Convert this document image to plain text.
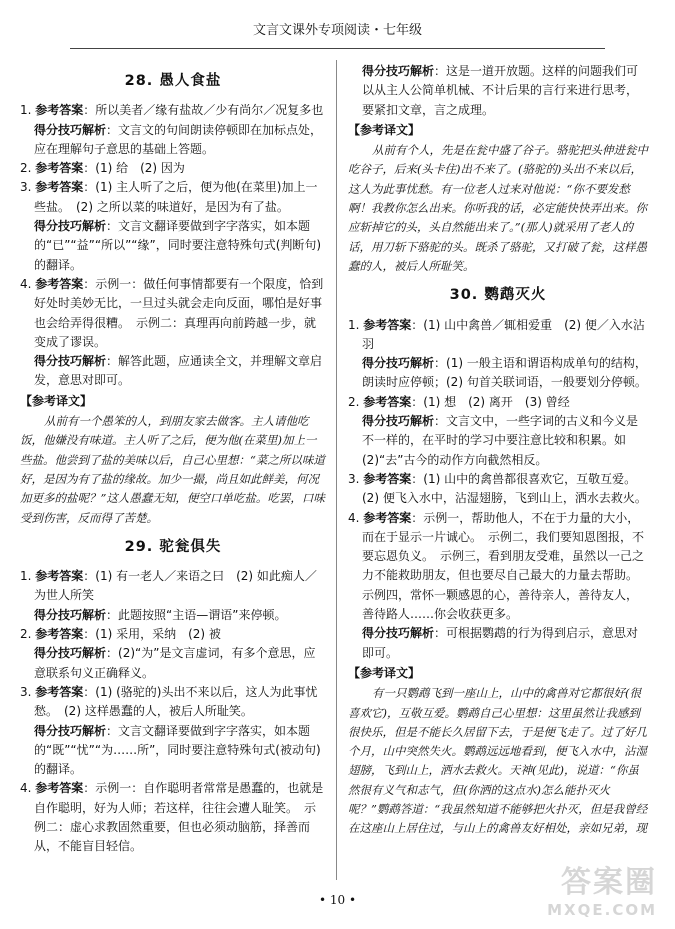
文言文课外专项阅读・七年级
28. 愚人食盐

1. 参考答案：所以美者／缘有盐故／少有尚尔／况复多也

得分技巧解析：文言文的句间朗读停顿即在加标点处，应在理解句子意思的基础上答题。

2. 参考答案：(1) 给　(2) 因为

3. 参考答案：(1) 主人听了之后，便为他(在菜里)加上一些盐。　(2) 之所以菜的味道好，是因为有了盐。

得分技巧解析：文言文翻译要做到字字落实，如本题的“已”“益”“所以”“缘”，同时要注意特殊句式(判断句)的翻译。

4. 参考答案：示例一：做任何事情都要有一个限度，恰到好处时美妙无比，一旦过头就会走向反面，哪怕是好事也会给弄得很糟。　示例二：真理再向前跨越一步，就变成了谬误。

得分技巧解析：解答此题，应通读全文，并理解文章启发，意思对即可。

【参考译文】

从前有一个愚笨的人，到朋友家去做客。主人请他吃饭，他嫌没有味道。主人听了之后，便为他(在菜里)加上一些盐。他尝到了盐的美味以后，自己心里想：“菜之所以味道好，是因为有了盐的缘故。加少一撮，尚且如此鲜美，何况加更多的盐呢？”这人愚蠢无知，便空口单吃盐。吃罢，口味受到伤害，反而得了苦楚。

29. 驼瓮俱失

1. 参考答案：(1) 有一老人／来语之曰　(2) 如此痴人／为世人所笑

得分技巧解析：此题按照“主语—谓语”来停顿。

2. 参考答案：(1) 采用，采纳　(2) 被

得分技巧解析：(2)“为”是文言虚词，有多个意思，应意联系句义正确释义。

3. 参考答案：(1) (骆驼的)头出不来以后，这人为此事忧愁。　(2) 这样愚蠢的人，被后人所耻笑。

得分技巧解析：文言文翻译要做到字字落实，如本题的“既”“忧”“为……所”，同时要注意特殊句式(被动句)的翻译。

4. 参考答案：示例一：自作聪明者常常是愚蠢的，也就是自作聪明，好为人师；若这样，往往会遭人耻笑。　示例二：虚心求教固然重要，但也必须动脑筋，择善而从，不能盲目轻信。

得分技巧解析：这是一道开放题。这样的问题我们可以从主人公简单机械、不计后果的言行来进行思考，要紧扣文章，言之成理。

【参考译文】

从前有个人，先是在瓮中盛了谷子。骆驼把头伸进瓮中吃谷子，后来(头卡住)出不来了。(骆驼的)头出不来以后，这人为此事忧愁。有一位老人过来对他说：“你不要发愁啊！我教你怎么出来。你听我的话，必定能快快弄出来。你应斩掉它的头，头自然能出来了。”(那人)就采用了老人的话，用刀斩下骆驼的头。既杀了骆驼，又打破了瓮，这样愚蠢的人，被后人所耻笑。

30. 鹦鹉灭火

1. 参考答案：(1) 山中禽兽／辄相爱重　(2) 便／入水沾羽

得分技巧解析：(1) 一般主语和谓语构成单句的结构，朗读时应停顿；(2) 句首关联词语，一般要划分停顿。

2. 参考答案：(1) 想　(2) 离开　(3) 曾经

得分技巧解析：文言文中，一些字词的古义和今义是不一样的，在平时的学习中要注意比较和积累。如(2)“去”古今的动作方向截然相反。

3. 参考答案：(1) 山中的禽兽都很喜欢它，互敬互爱。　(2) 便飞入水中，沾湿翅膀，飞到山上，洒水去救火。

4. 参考答案：示例一，帮助他人，不在于力量的大小，而在于显示一片诚心。　示例二，我们要知恩图报，不要忘恩负义。　示例三，看到朋友受难，虽然以一己之力不能救助朋友，但也要尽自己最大的力量去帮助。　示例四，常怀一颗感恩的心，善待亲人，善待友人，善待路人……你会收获更多。

得分技巧解析：可根据鹦鹉的行为得到启示，意思对即可。

【参考译文】

有一只鹦鹉飞到一座山上，山中的禽兽对它都很好(很喜欢它)，互敬互爱。鹦鹉自己心里想：这里虽然让我感到很快乐，但是不能长久居留下去，于是便飞走了。过了好几个月，山中突然失火。鹦鹉远远地看到，便飞入水中，沾湿翅膀，飞到山上，洒水去救火。天神(见此)，说道：“你虽然很有义气和志气，但(你洒的这点水)怎么能扑灭火呢？”鹦鹉答道：“我虽然知道不能够把火扑灭，但是我曾经在这座山上居住过，与山上的禽兽友好相处，亲如兄弟，现

• 10 •	答案圈
MXQE.COM
